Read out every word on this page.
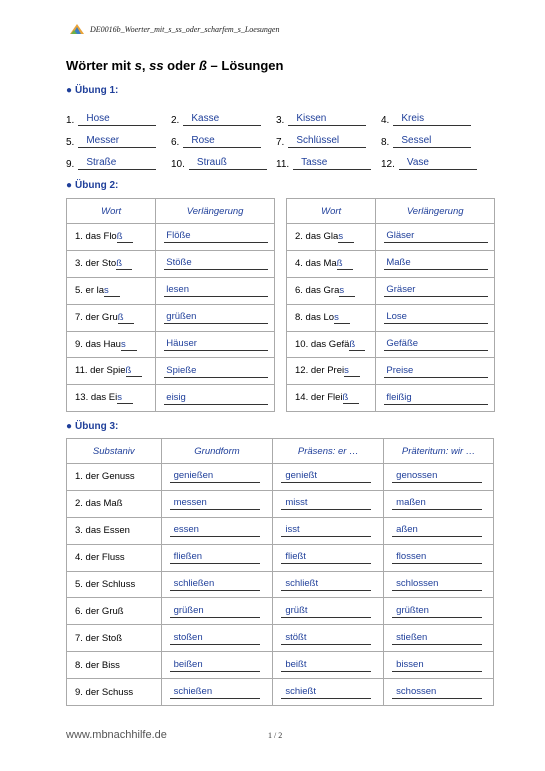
DE0016b_Woerter_mit_s_ss_oder_scharfem_s_Loesungen
Wörter mit s, ss oder ß – Lösungen
● Übung 1:
1.	Hose	2.	Kasse	3.	Kissen	4.	Kreis
5.	Messer	6.	Rose	7.	Schlüssel	8.	Sessel
9.	Straße	10.	Strauß	11.	Tasse	12.	Vase
● Übung 2:
Wort	Verlängerung
1. das Floß	Flöße
3. der Stoß	Stöße
5. er las	lesen
7. der Gruß	grüßen
9. das Haus	Häuser
11. der Spieß	Spieße
13. das Eis	eisig
Wort	Verlängerung
2. das Glas	Gläser
4. das Maß	Maße
6. das Gras	Gräser
8. das Los	Lose
10. das Gefäß	Gefäße
12. der Preis	Preise
14. der Fleiß	fleißig
● Übung 3:
Substaniv	Grundform	Präsens: er …	Präteritum: wir …
1. der Genuss	genießen	genießt	genossen
2. das Maß	messen	misst	maßen
3. das Essen	essen	isst	aßen
4. der Fluss	fließen	fließt	flossen
5. der Schluss	schließen	schließt	schlossen
6. der Gruß	grüßen	grüßt	grüßten
7. der Stoß	stoßen	stößt	stießen
8. der Biss	beißen	beißt	bissen
9. der Schuss	schießen	schießt	schossen
www.mbnachhilfe.de	1 / 2
